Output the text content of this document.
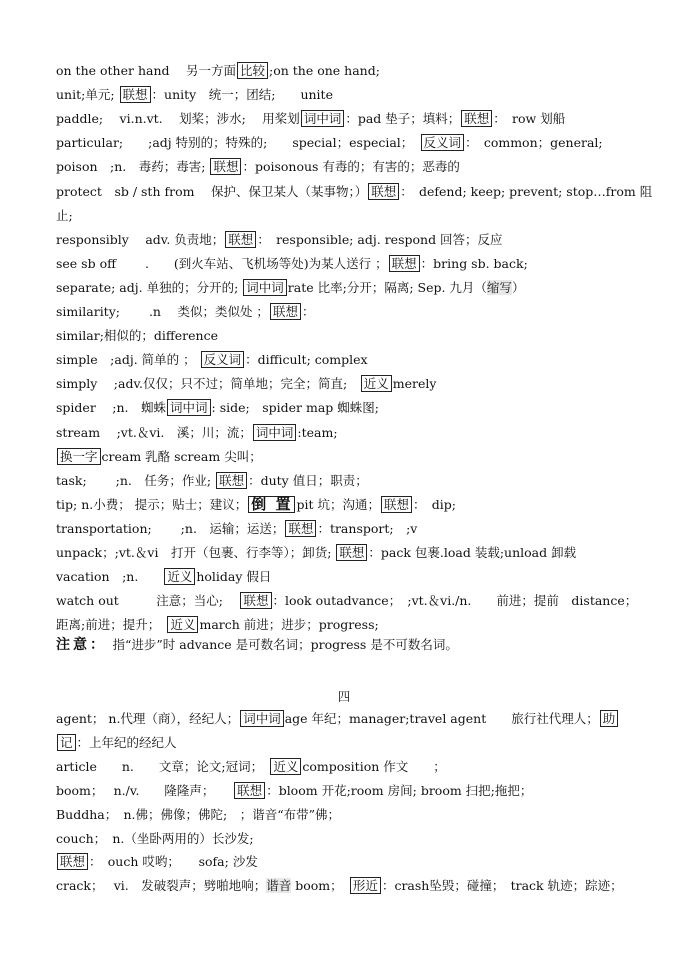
on the other hand　 另一方面 比较 ;on the one hand;
unit;单元; 联想 ：unity　统一；团结;　　unite
paddle;　 vi.n.vt.　 划桨；涉水;　 用桨划 词中词 ：pad 垫子；填料； 联想 ：　row 划船
particular;　　;adj 特别的；特殊的;　　special；especial；　反义词 ：　common；general;
poison　;n.　毒药；毒害; 联想 ：poisonous 有毒的；有害的；恶毒的
protect　sb / sth from　 保护、保卫某人（某事物；） 联想 ：　defend; keep; prevent; stop…from 阻
止;
responsibly　 adv. 负责地； 联想 ：　responsible; adj. respond 回答；反应
see sb off　　 .　　(到火车站、飞机场等处)为某人送行 ； 联想 ：bring sb. back;
separate; adj. 单独的；分开的; 词中词 rate 比率;分开；隔离; Sep. 九月（缩写）
similarity;　　 .n　 类似；类似处 ； 联想 ：
similar;相似的；difference
simple　;adj. 简单的 ； 反义词 ：difficult; complex
simply　 ;adv.仅仅；只不过；简单地；完全；简直;　近义 merely
spider　 ;n.　蜘蛛 词中词 : side;　spider map 蜘蛛图;
stream　 ;vt.＆vi.　溪；川；流； 词中词 :team;
换一字 cream 乳酪 scream 尖叫；
task;　　 ;n.　任务；作业; 联想 ：duty 值日；职责；
tip; n.小费； 提示；贴士；建议； 倒 置 pit 坑；沟通； 联想 ：　dip;
transportation;　　 ;n.　运输；运送； 联想 ：transport;　;v
unpack；;vt.＆vi　打开（包裹、行李等）；卸货; 联想 ：pack 包裹.load 装载;unload 卸载
vacation　;n.　　近义 holiday 假日
watch out　　　注意；当心;　 联想 ：look outadvance；　;vt.＆vi./n.　　前进；提前　distance；
距离;前进；提升；　近义 march 前进；进步；progress;
注意：　指“进步”时 advance 是可数名词；progress 是不可数名词。
四
agent； n.代理（商），经纪人； 词中词 age 年纪；manager;travel agent　　旅行社代理人； 助
记 ：上年纪的经纪人
article　　n.　　文章；论文;冠词；　近义 composition 作文　　；
boom；　 n./v.　　隆隆声；　　联想 ：bloom 开花;room 房间; broom 扫把;拖把；
Buddha；　n.佛；佛像；佛陀;　；谐音“布带”佛；
couch；　n.（坐卧两用的）长沙发;
联想 ：　ouch 哎哟；　　sofa; 沙发
crack；　 vi.　发破裂声；劈啪地响；谐音 boom；　形近 ：crash坠毁；碰撞；　track 轨迹；踪迹；
